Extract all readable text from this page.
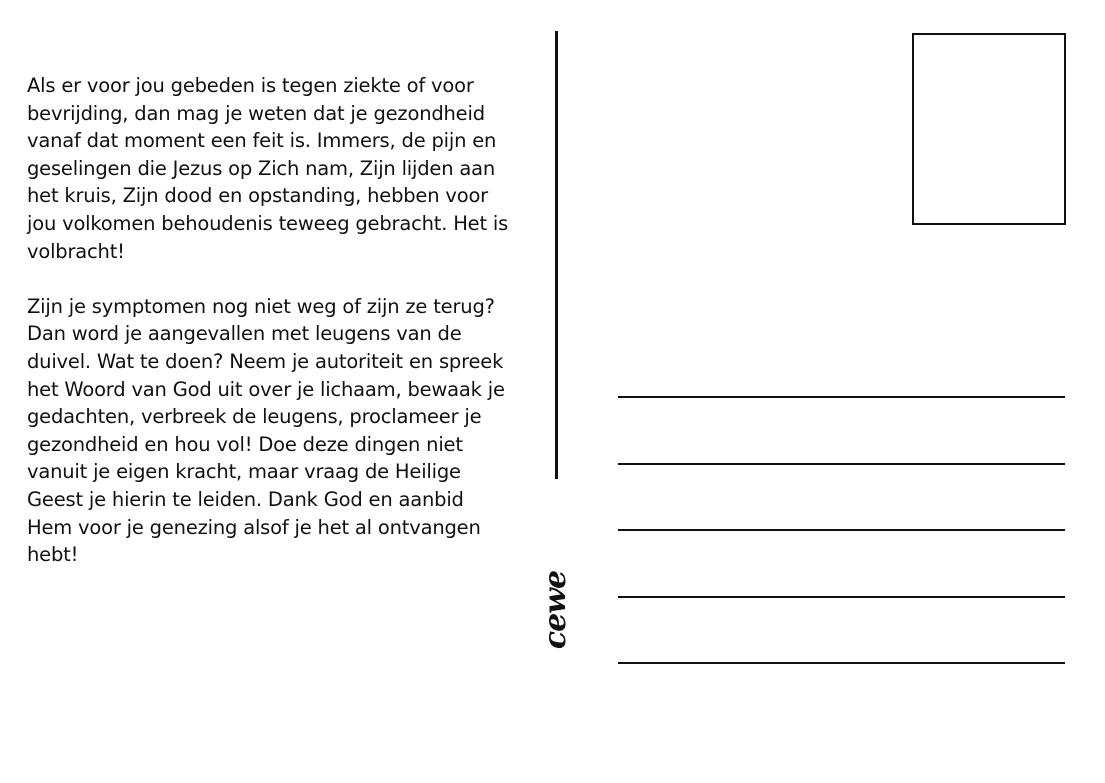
Als er voor jou gebeden is tegen ziekte of voor
bevrijding, dan mag je weten dat je gezondheid
vanaf dat moment een feit is. Immers, de pijn en
geselingen die Jezus op Zich nam, Zijn lijden aan
het kruis, Zijn dood en opstanding, hebben voor
jou volkomen behoudenis teweeg gebracht. Het is
volbracht!

Zijn je symptomen nog niet weg of zijn ze terug?
Dan word je aangevallen met leugens van de
duivel. Wat te doen? Neem je autoriteit en spreek
het Woord van God uit over je lichaam, bewaak je
gedachten, verbreek de leugens, proclameer je
gezondheid en hou vol! Doe deze dingen niet
vanuit je eigen kracht, maar vraag de Heilige
Geest je hierin te leiden. Dank God en aanbid
Hem voor je genezing alsof je het al ontvangen
hebt!

cewe
